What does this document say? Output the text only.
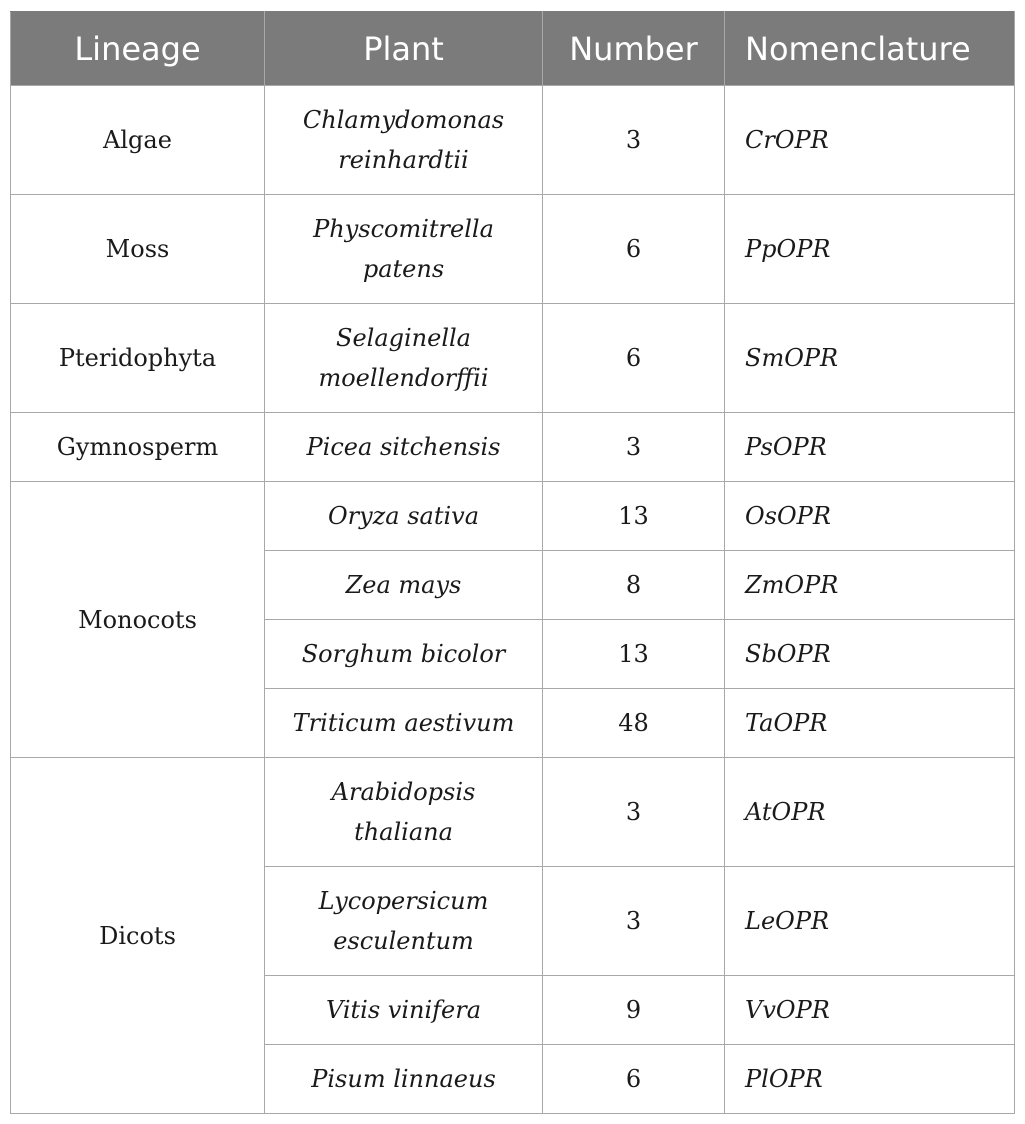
Lineage	Plant	Number	Nomenclature
Algae	Chlamydomonas reinhardtii	3	CrOPR
Moss	Physcomitrella patens	6	PpOPR
Pteridophyta	Selaginella moellendorffii	6	SmOPR
Gymnosperm	Picea sitchensis	3	PsOPR
Monocots	Oryza sativa	13	OsOPR
	Zea mays	8	ZmOPR
	Sorghum bicolor	13	SbOPR
	Triticum aestivum	48	TaOPR
Dicots	Arabidopsis thaliana	3	AtOPR
	Lycopersicum esculentum	3	LeOPR
	Vitis vinifera	9	VvOPR
	Pisum linnaeus	6	PlOPR
